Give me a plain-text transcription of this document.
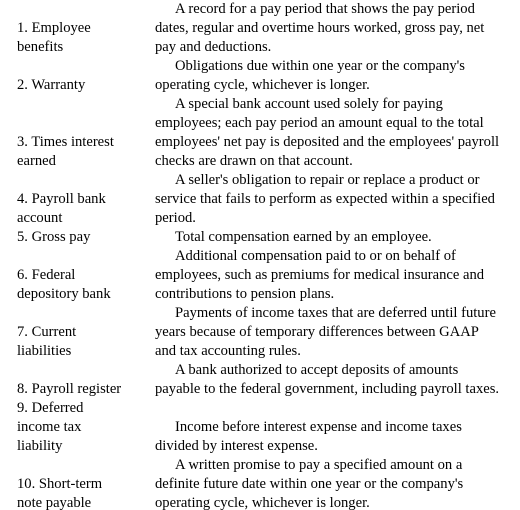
1. Employee
benefits
A record for a pay period that shows the pay period
dates, regular and overtime hours worked, gross pay, net
pay and deductions.
2. Warranty
Obligations due within one year or the company's
operating cycle, whichever is longer.
3. Times interest
earned
A special bank account used solely for paying
employees; each pay period an amount equal to the total
employees' net pay is deposited and the employees' payroll
checks are drawn on that account.
4. Payroll bank
account
A seller's obligation to repair or replace a product or
service that fails to perform as expected within a specified
period.
5. Gross pay	Total compensation earned by an employee.
6. Federal
depository bank
Additional compensation paid to or on behalf of
employees, such as premiums for medical insurance and
contributions to pension plans.
7. Current
liabilities
Payments of income taxes that are deferred until future
years because of temporary differences between GAAP
and tax accounting rules.
8. Payroll register
A bank authorized to accept deposits of amounts
payable to the federal government, including payroll taxes.
9. Deferred
income tax
liability
Income before interest expense and income taxes
divided by interest expense.
10. Short-term
note payable
A written promise to pay a specified amount on a
definite future date within one year or the company's
operating cycle, whichever is longer.
